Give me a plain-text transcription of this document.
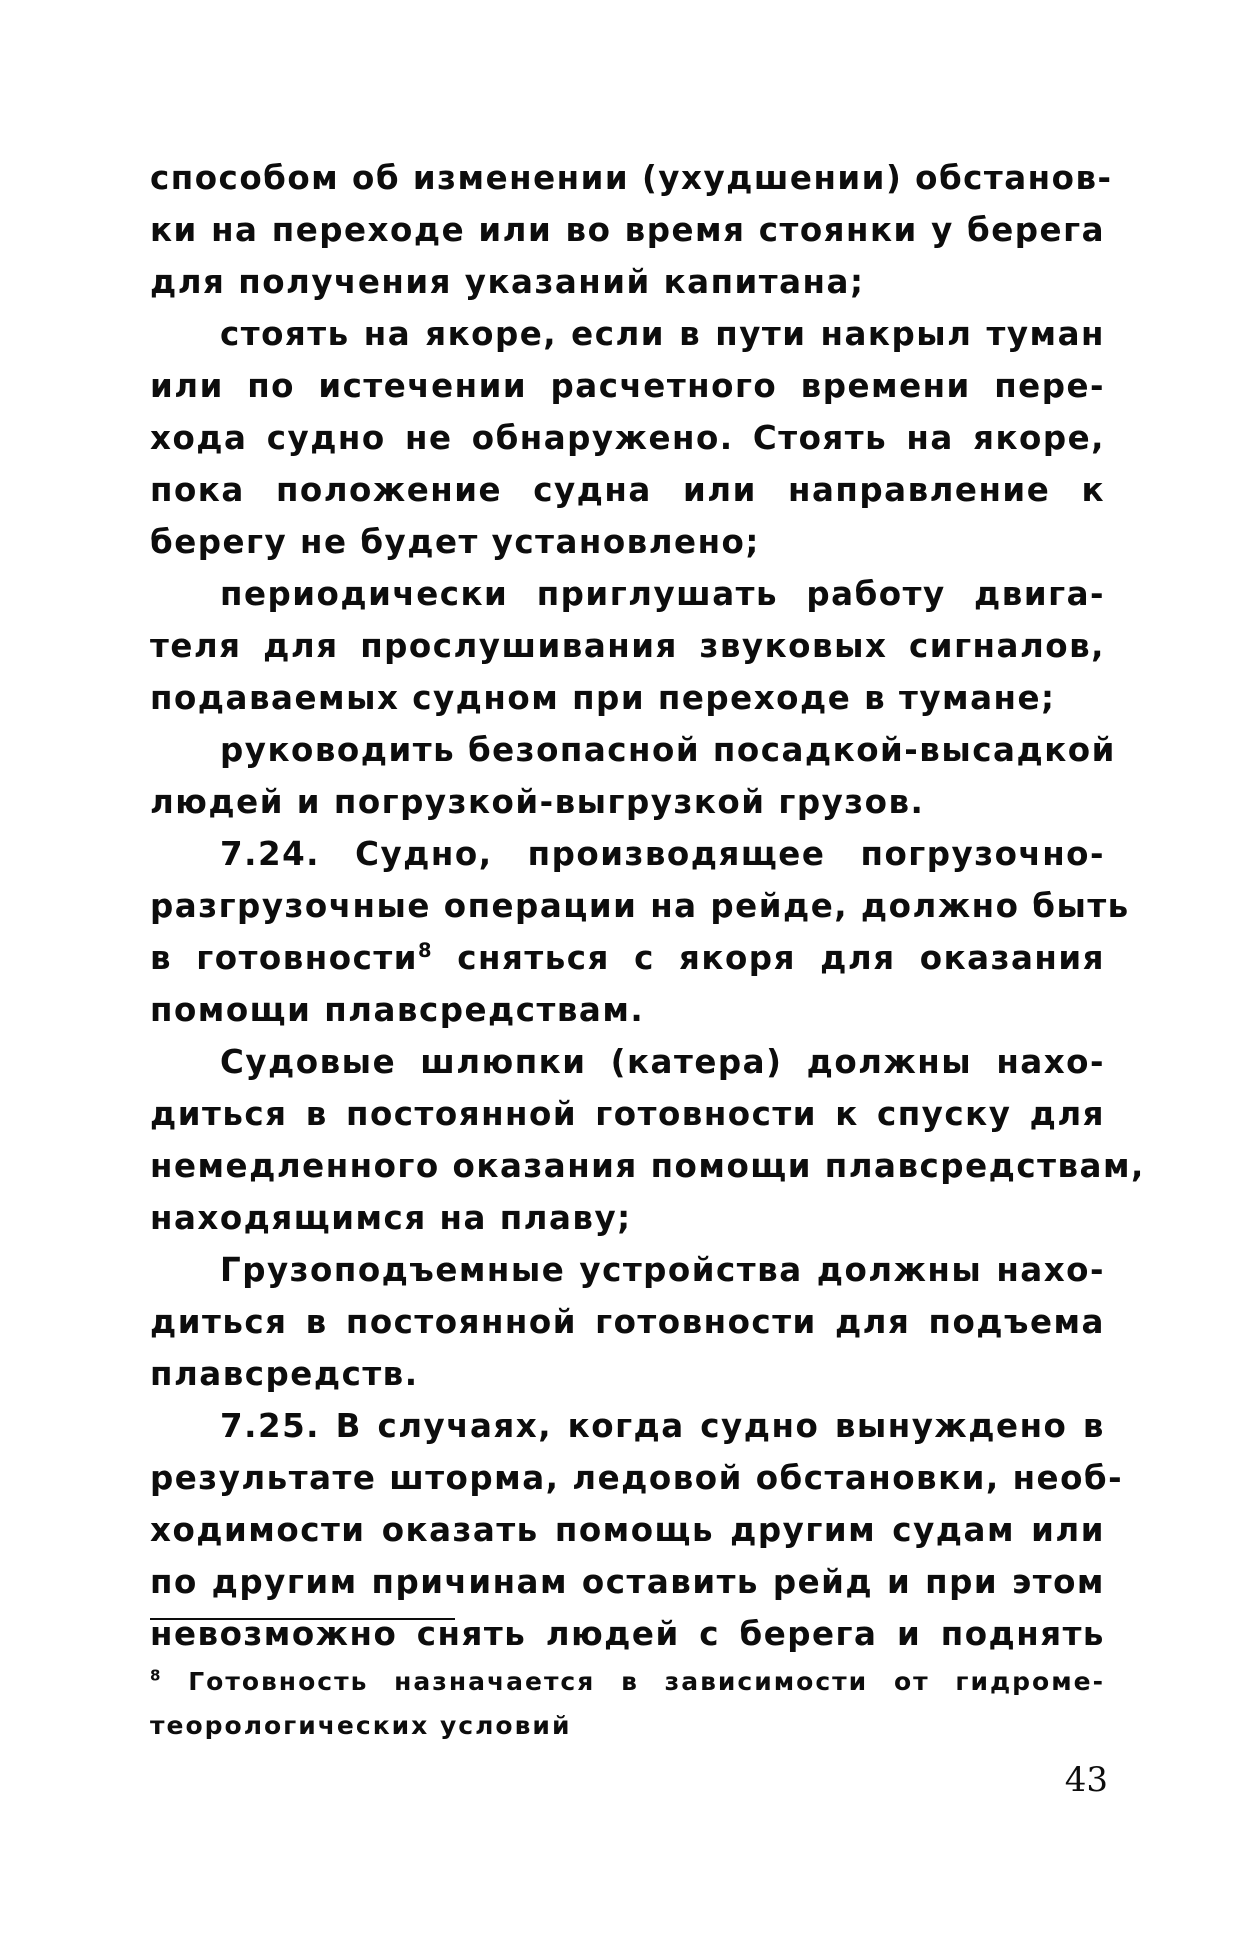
способом об изменении (ухудшении) обстанов-
ки на переходе или во время стоянки у берега
для получения указаний капитана;

стоять на якоре, если в пути накрыл туман
или по истечении расчетного времени пере-
хода судно не обнаружено. Стоять на якоре,
пока положение судна или направление к
берегу не будет установлено;

периодически приглушать работу двига-
теля для прослушивания звуковых сигналов,
подаваемых судном при переходе в тумане;

руководить безопасной посадкой-высадкой
людей и погрузкой-выгрузкой грузов.

7.24. Судно, производящее погрузочно-
разгрузочные операции на рейде, должно быть
в готовности$^8$ сняться с якоря для оказания
помощи плавсредствам.

Судовые шлюпки (катера) должны нахо-
диться в постоянной готовности к спуску для
немедленного оказания помощи плавсредствам,
находящимся на плаву;

Грузоподъемные устройства должны нахо-
диться в постоянной готовности для подъема
плавсредств.

7.25. В случаях, когда судно вынуждено в
результате шторма, ледовой обстановки, необ-
ходимости оказать помощь другим судам или
по другим причинам оставить рейд и при этом
невозможно снять людей с берега и поднять

$^8$ Готовность назначается в зависимости от гидроме-
теорологических условий
43
